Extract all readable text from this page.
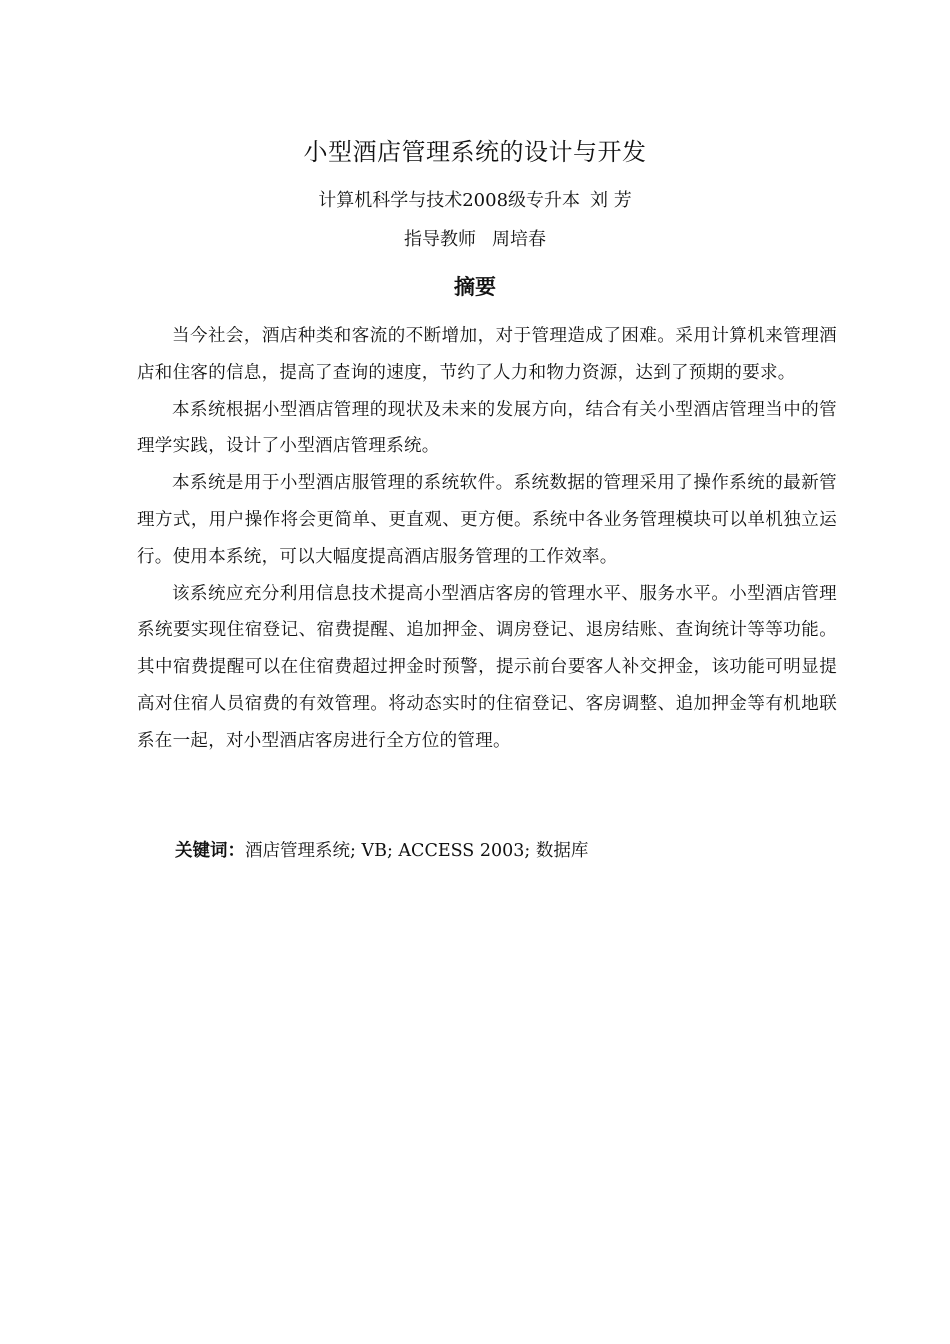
小型酒店管理系统的设计与开发
计算机科学与技术2008级专升本 刘 芳
指导教师 周培春
摘要

当今社会，酒店种类和客流的不断增加，对于管理造成了困难。采用计算机来管理酒店和住客的信息，提高了查询的速度，节约了人力和物力资源，达到了预期的要求。

本系统根据小型酒店管理的现状及未来的发展方向，结合有关小型酒店管理当中的管理学实践，设计了小型酒店管理系统。

本系统是用于小型酒店服管理的系统软件。系统数据的管理采用了操作系统的最新管理方式，用户操作将会更简单、更直观、更方便。系统中各业务管理模块可以单机独立运行。使用本系统，可以大幅度提高酒店服务管理的工作效率。

该系统应充分利用信息技术提高小型酒店客房的管理水平、服务水平。小型酒店管理系统要实现住宿登记、宿费提醒、追加押金、调房登记、退房结账、查询统计等等功能。其中宿费提醒可以在住宿费超过押金时预警，提示前台要客人补交押金，该功能可明显提高对住宿人员宿费的有效管理。将动态实时的住宿登记、客房调整、追加押金等有机地联系在一起，对小型酒店客房进行全方位的管理。

关键词：酒店管理系统; VB; ACCESS 2003; 数据库
